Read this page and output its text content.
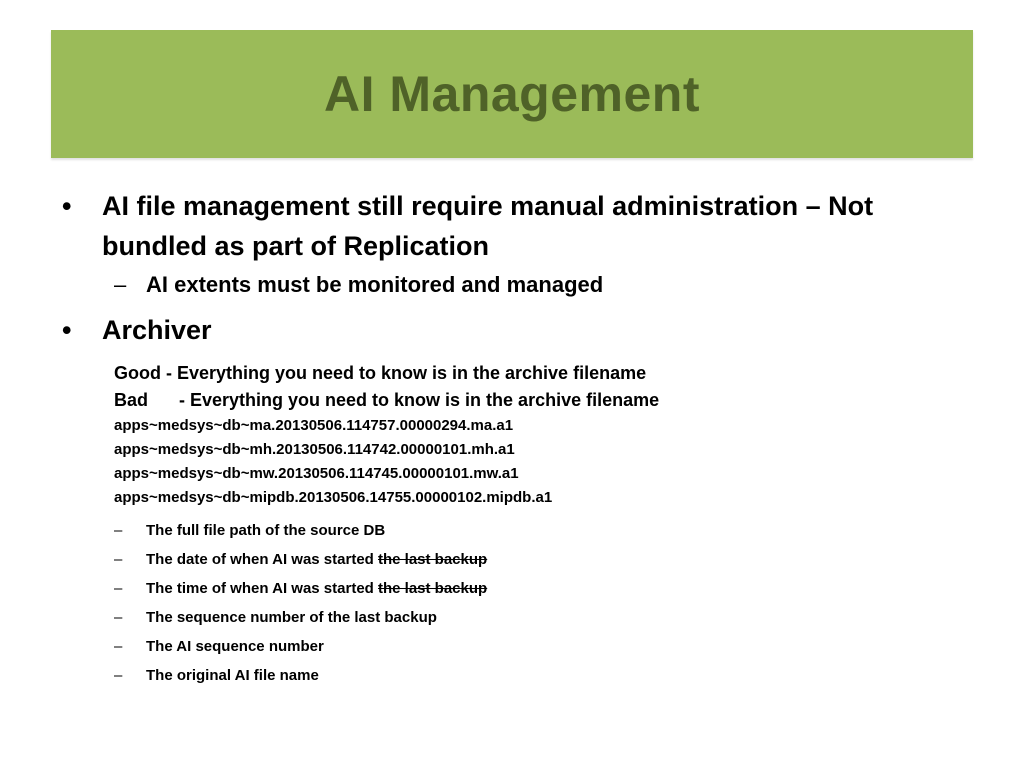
AI Management
• AI file management still require manual administration – Not bundled as part of Replication
– AI extents must be monitored and managed
• Archiver
Good - Everything you need to know is in the archive filename
Bad - Everything you need to know is in the archive filename
apps~medsys~db~ma.20130506.114757.00000294.ma.a1
apps~medsys~db~mh.20130506.114742.00000101.mh.a1
apps~medsys~db~mw.20130506.114745.00000101.mw.a1
apps~medsys~db~mipdb.20130506.14755.00000102.mipdb.a1
– The full file path of the source DB
– The date of when AI was started the last backup
– The time of when AI was started the last backup
– The sequence number of the last backup
– The AI sequence number
– The original AI file name
